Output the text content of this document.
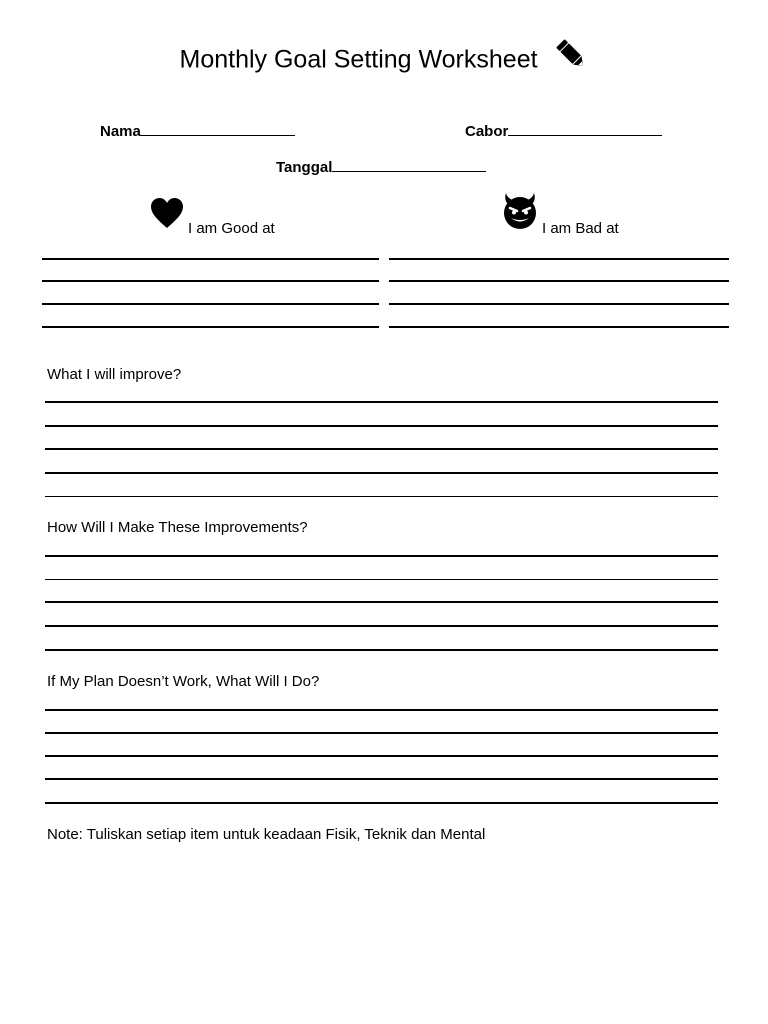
Monthly Goal Setting Worksheet
Nama	Cabor
Tanggal
I am Good at	I am Bad at
What I will improve?
How Will I Make These Improvements?
If My Plan Doesn’t Work, What Will I Do?
Note: Tuliskan setiap item untuk keadaan Fisik, Teknik dan Mental
